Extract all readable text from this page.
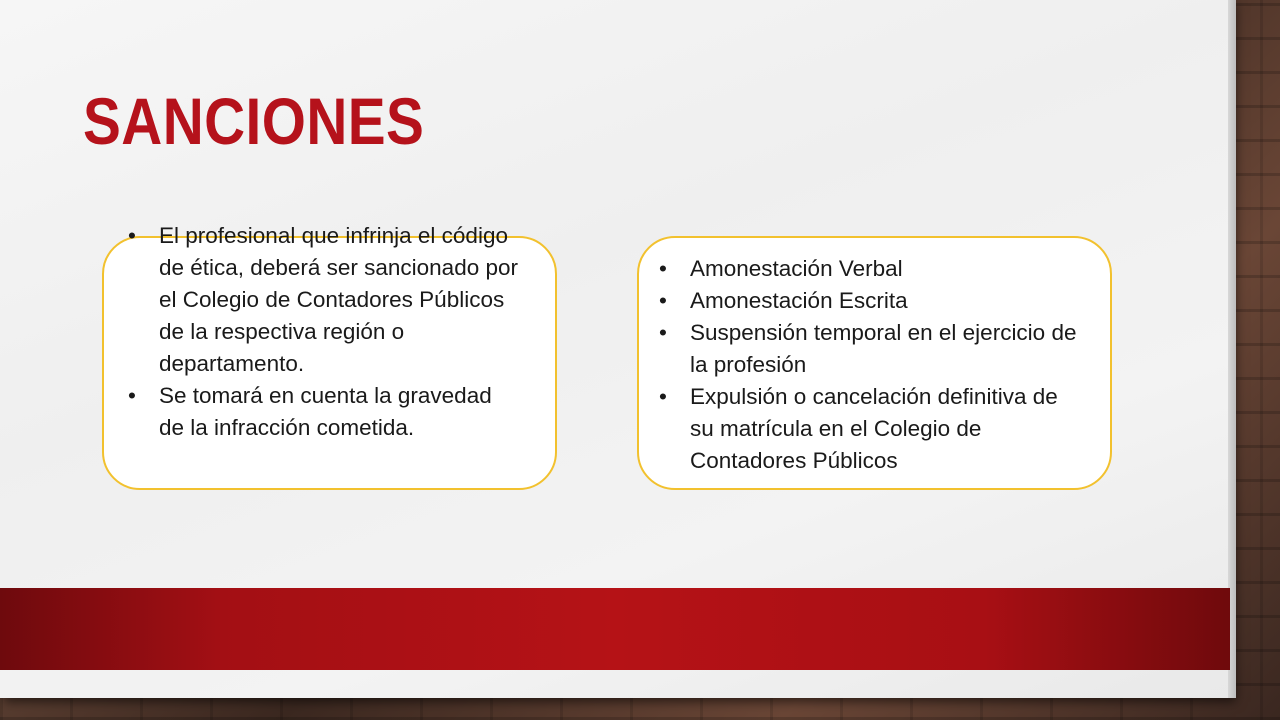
SANCIONES
• El profesional que infrinja el código de ética, deberá ser sancionado por el Colegio de Contadores Públicos de la respectiva región o departamento.
• Se tomará en cuenta la gravedad de la infracción cometida.
• Amonestación Verbal
• Amonestación Escrita
• Suspensión temporal en el ejercicio de la profesión
• Expulsión o cancelación definitiva de su matrícula en el Colegio de Contadores Públicos
